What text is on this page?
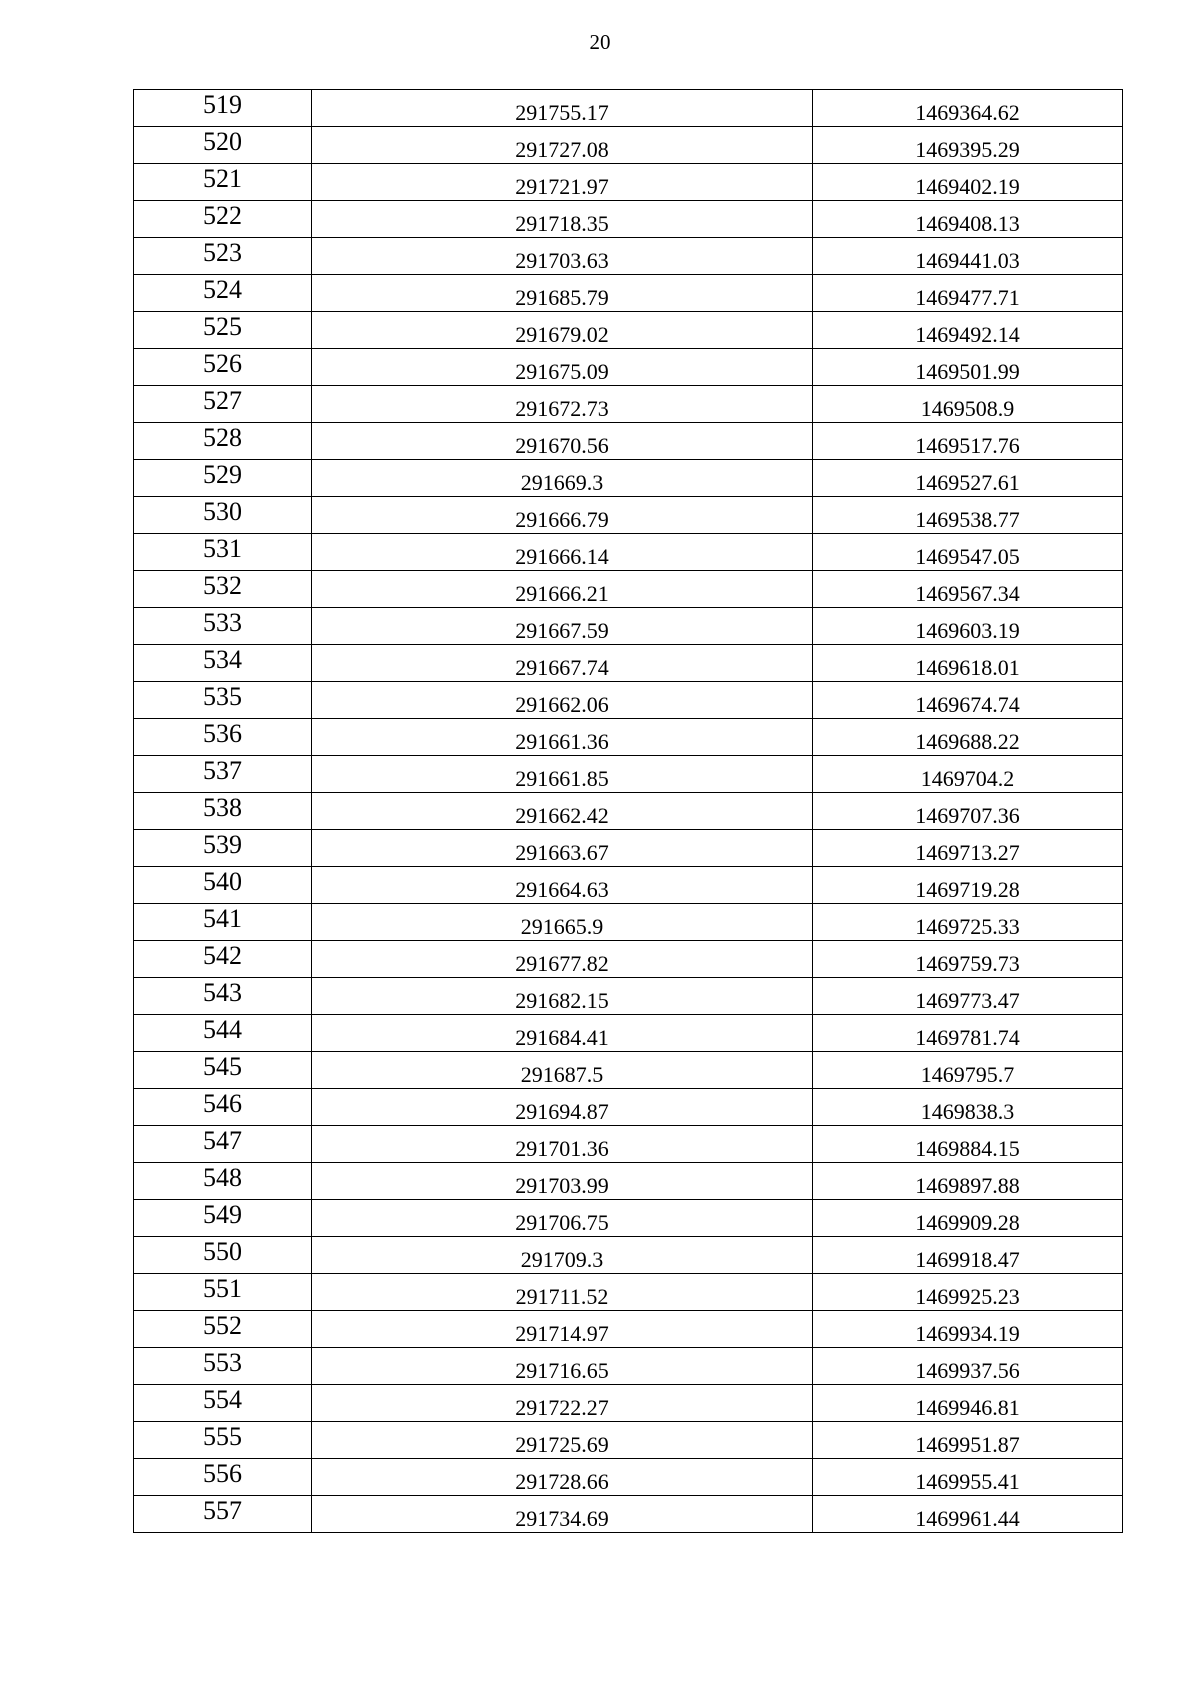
20
519	291755.17	1469364.62
520	291727.08	1469395.29
521	291721.97	1469402.19
522	291718.35	1469408.13
523	291703.63	1469441.03
524	291685.79	1469477.71
525	291679.02	1469492.14
526	291675.09	1469501.99
527	291672.73	1469508.9
528	291670.56	1469517.76
529	291669.3	1469527.61
530	291666.79	1469538.77
531	291666.14	1469547.05
532	291666.21	1469567.34
533	291667.59	1469603.19
534	291667.74	1469618.01
535	291662.06	1469674.74
536	291661.36	1469688.22
537	291661.85	1469704.2
538	291662.42	1469707.36
539	291663.67	1469713.27
540	291664.63	1469719.28
541	291665.9	1469725.33
542	291677.82	1469759.73
543	291682.15	1469773.47
544	291684.41	1469781.74
545	291687.5	1469795.7
546	291694.87	1469838.3
547	291701.36	1469884.15
548	291703.99	1469897.88
549	291706.75	1469909.28
550	291709.3	1469918.47
551	291711.52	1469925.23
552	291714.97	1469934.19
553	291716.65	1469937.56
554	291722.27	1469946.81
555	291725.69	1469951.87
556	291728.66	1469955.41
557	291734.69	1469961.44
